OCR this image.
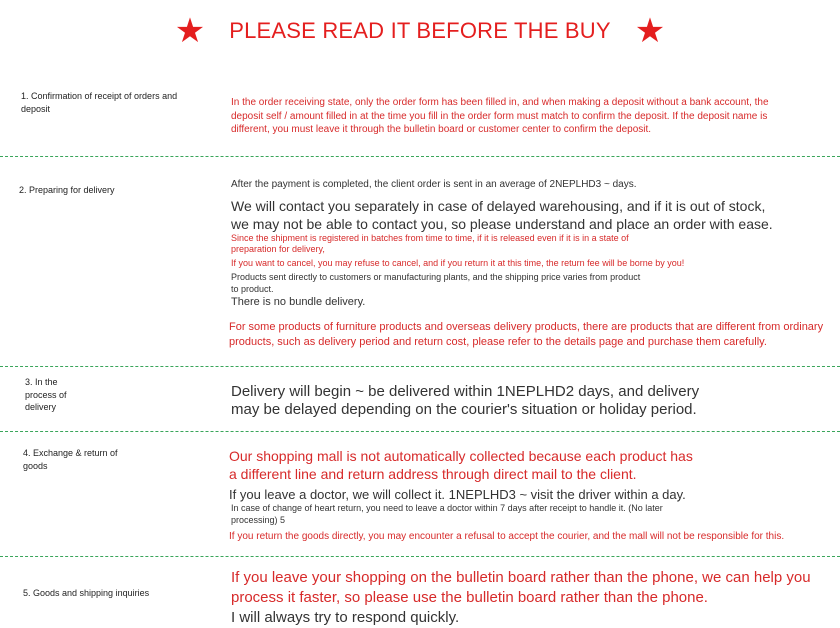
★ PLEASE READ IT BEFORE THE BUY ★
1. Confirmation of receipt of orders and deposit
In the order receiving state, only the order form has been filled in, and when making a deposit without a bank account, the deposit self / amount filled in at the time you fill in the order form must match to confirm the deposit. If the deposit name is different, you must leave it through the bulletin board or customer center to confirm the deposit.
2. Preparing for delivery	After the payment is completed, the client order is sent in an average of 2NEPLHD3 ~ days.
We will contact you separately in case of delayed warehousing, and if it is out of stock, we may not be able to contact you, so please understand and place an order with ease.
Since the shipment is registered in batches from time to time, if it is released even if it is in a state of preparation for delivery,
If you want to cancel, you may refuse to cancel, and if you return it at this time, the return fee will be borne by you!
Products sent directly to customers or manufacturing plants, and the shipping price varies from product to product.
There is no bundle delivery.
For some products of furniture products and overseas delivery products, there are products that are different from ordinary products, such as delivery period and return cost, please refer to the details page and purchase them carefully.
3. In the process of delivery
Delivery will begin ~ be delivered within 1NEPLHD2 days, and delivery may be delayed depending on the courier's situation or holiday period.
4. Exchange & return of goods
Our shopping mall is not automatically collected because each product has a different line and return address through direct mail to the client.
If you leave a doctor, we will collect it. 1NEPLHD3 ~ visit the driver within a day.
In case of change of heart return, you need to leave a doctor within 7 days after receipt to handle it. (No later processing) 5
If you return the goods directly, you may encounter a refusal to accept the courier, and the mall will not be responsible for this.
5. Goods and shipping inquiries
If you leave your shopping on the bulletin board rather than the phone, we can help you process it faster, so please use the bulletin board rather than the phone.
I will always try to respond quickly.
